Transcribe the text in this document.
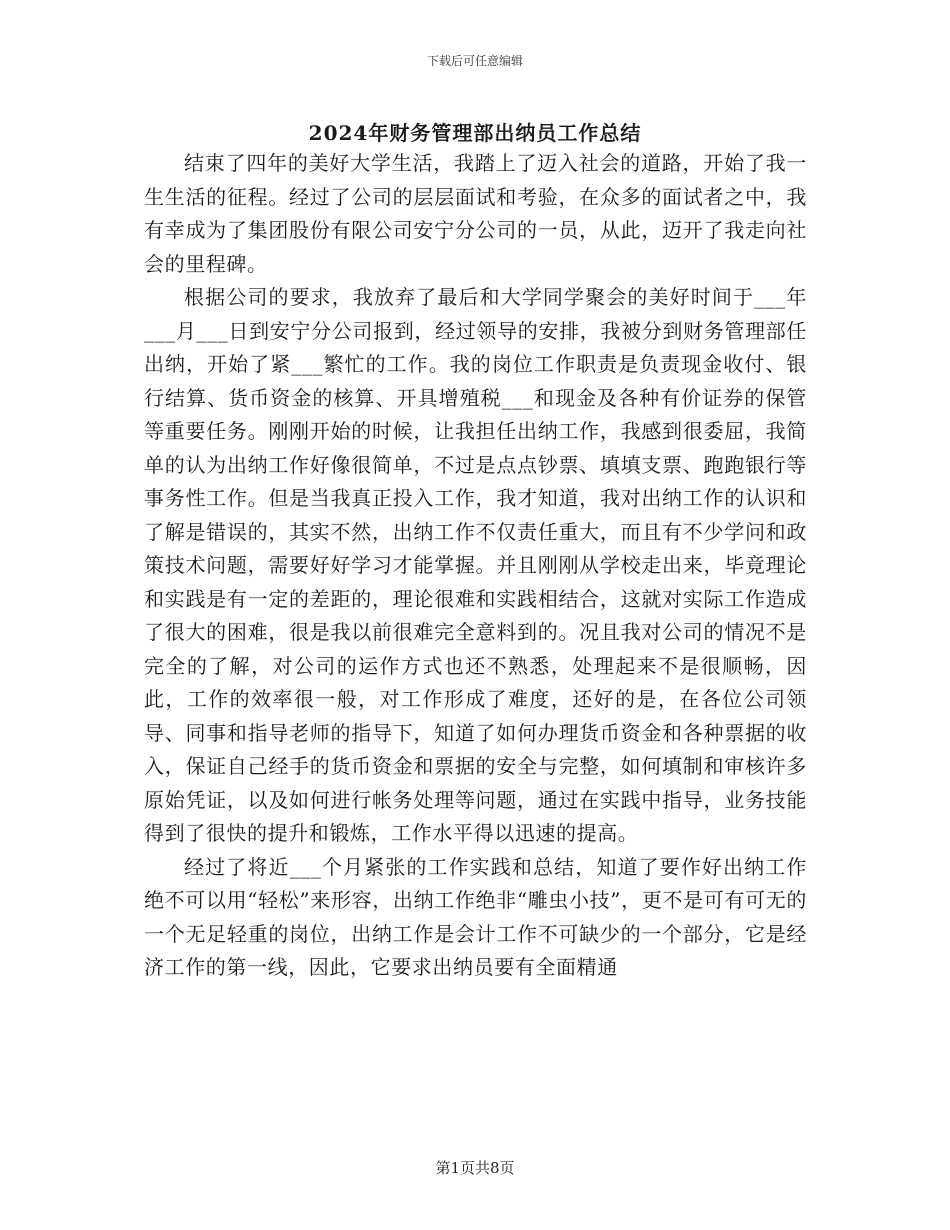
下载后可任意编辑
2024年财务管理部出纳员工作总结

结束了四年的美好大学生活，我踏上了迈入社会的道路，开始了我一生生活的征程。经过了公司的层层面试和考验，在众多的面试者之中，我有幸成为了集团股份有限公司安宁分公司的一员，从此，迈开了我走向社会的里程碑。

根据公司的要求，我放弃了最后和大学同学聚会的美好时间于___年___月___日到安宁分公司报到，经过领导的安排，我被分到财务管理部任出纳，开始了紧___繁忙的工作。我的岗位工作职责是负责现金收付、银行结算、货币资金的核算、开具增殖税___和现金及各种有价证券的保管等重要任务。刚刚开始的时候，让我担任出纳工作，我感到很委屈，我简单的认为出纳工作好像很简单，不过是点点钞票、填填支票、跑跑银行等事务性工作。但是当我真正投入工作，我才知道，我对出纳工作的认识和了解是错误的，其实不然，出纳工作不仅责任重大，而且有不少学问和政策技术问题，需要好好学习才能掌握。并且刚刚从学校走出来，毕竟理论和实践是有一定的差距的，理论很难和实践相结合，这就对实际工作造成了很大的困难，很是我以前很难完全意料到的。况且我对公司的情况不是完全的了解，对公司的运作方式也还不熟悉，处理起来不是很顺畅，因此，工作的效率很一般，对工作形成了难度，还好的是，在各位公司领导、同事和指导老师的指导下，知道了如何办理货币资金和各种票据的收入，保证自己经手的货币资金和票据的安全与完整，如何填制和审核许多原始凭证，以及如何进行帐务处理等问题，通过在实践中指导，业务技能得到了很快的提升和锻炼，工作水平得以迅速的提高。

经过了将近___个月紧张的工作实践和总结，知道了要作好出纳工作绝不可以用“轻松”来形容，出纳工作绝非“雕虫小技”，更不是可有可无的一个无足轻重的岗位，出纳工作是会计工作不可缺少的一个部分，它是经济工作的第一线，因此，它要求出纳员要有全面精通

第1页共8页
